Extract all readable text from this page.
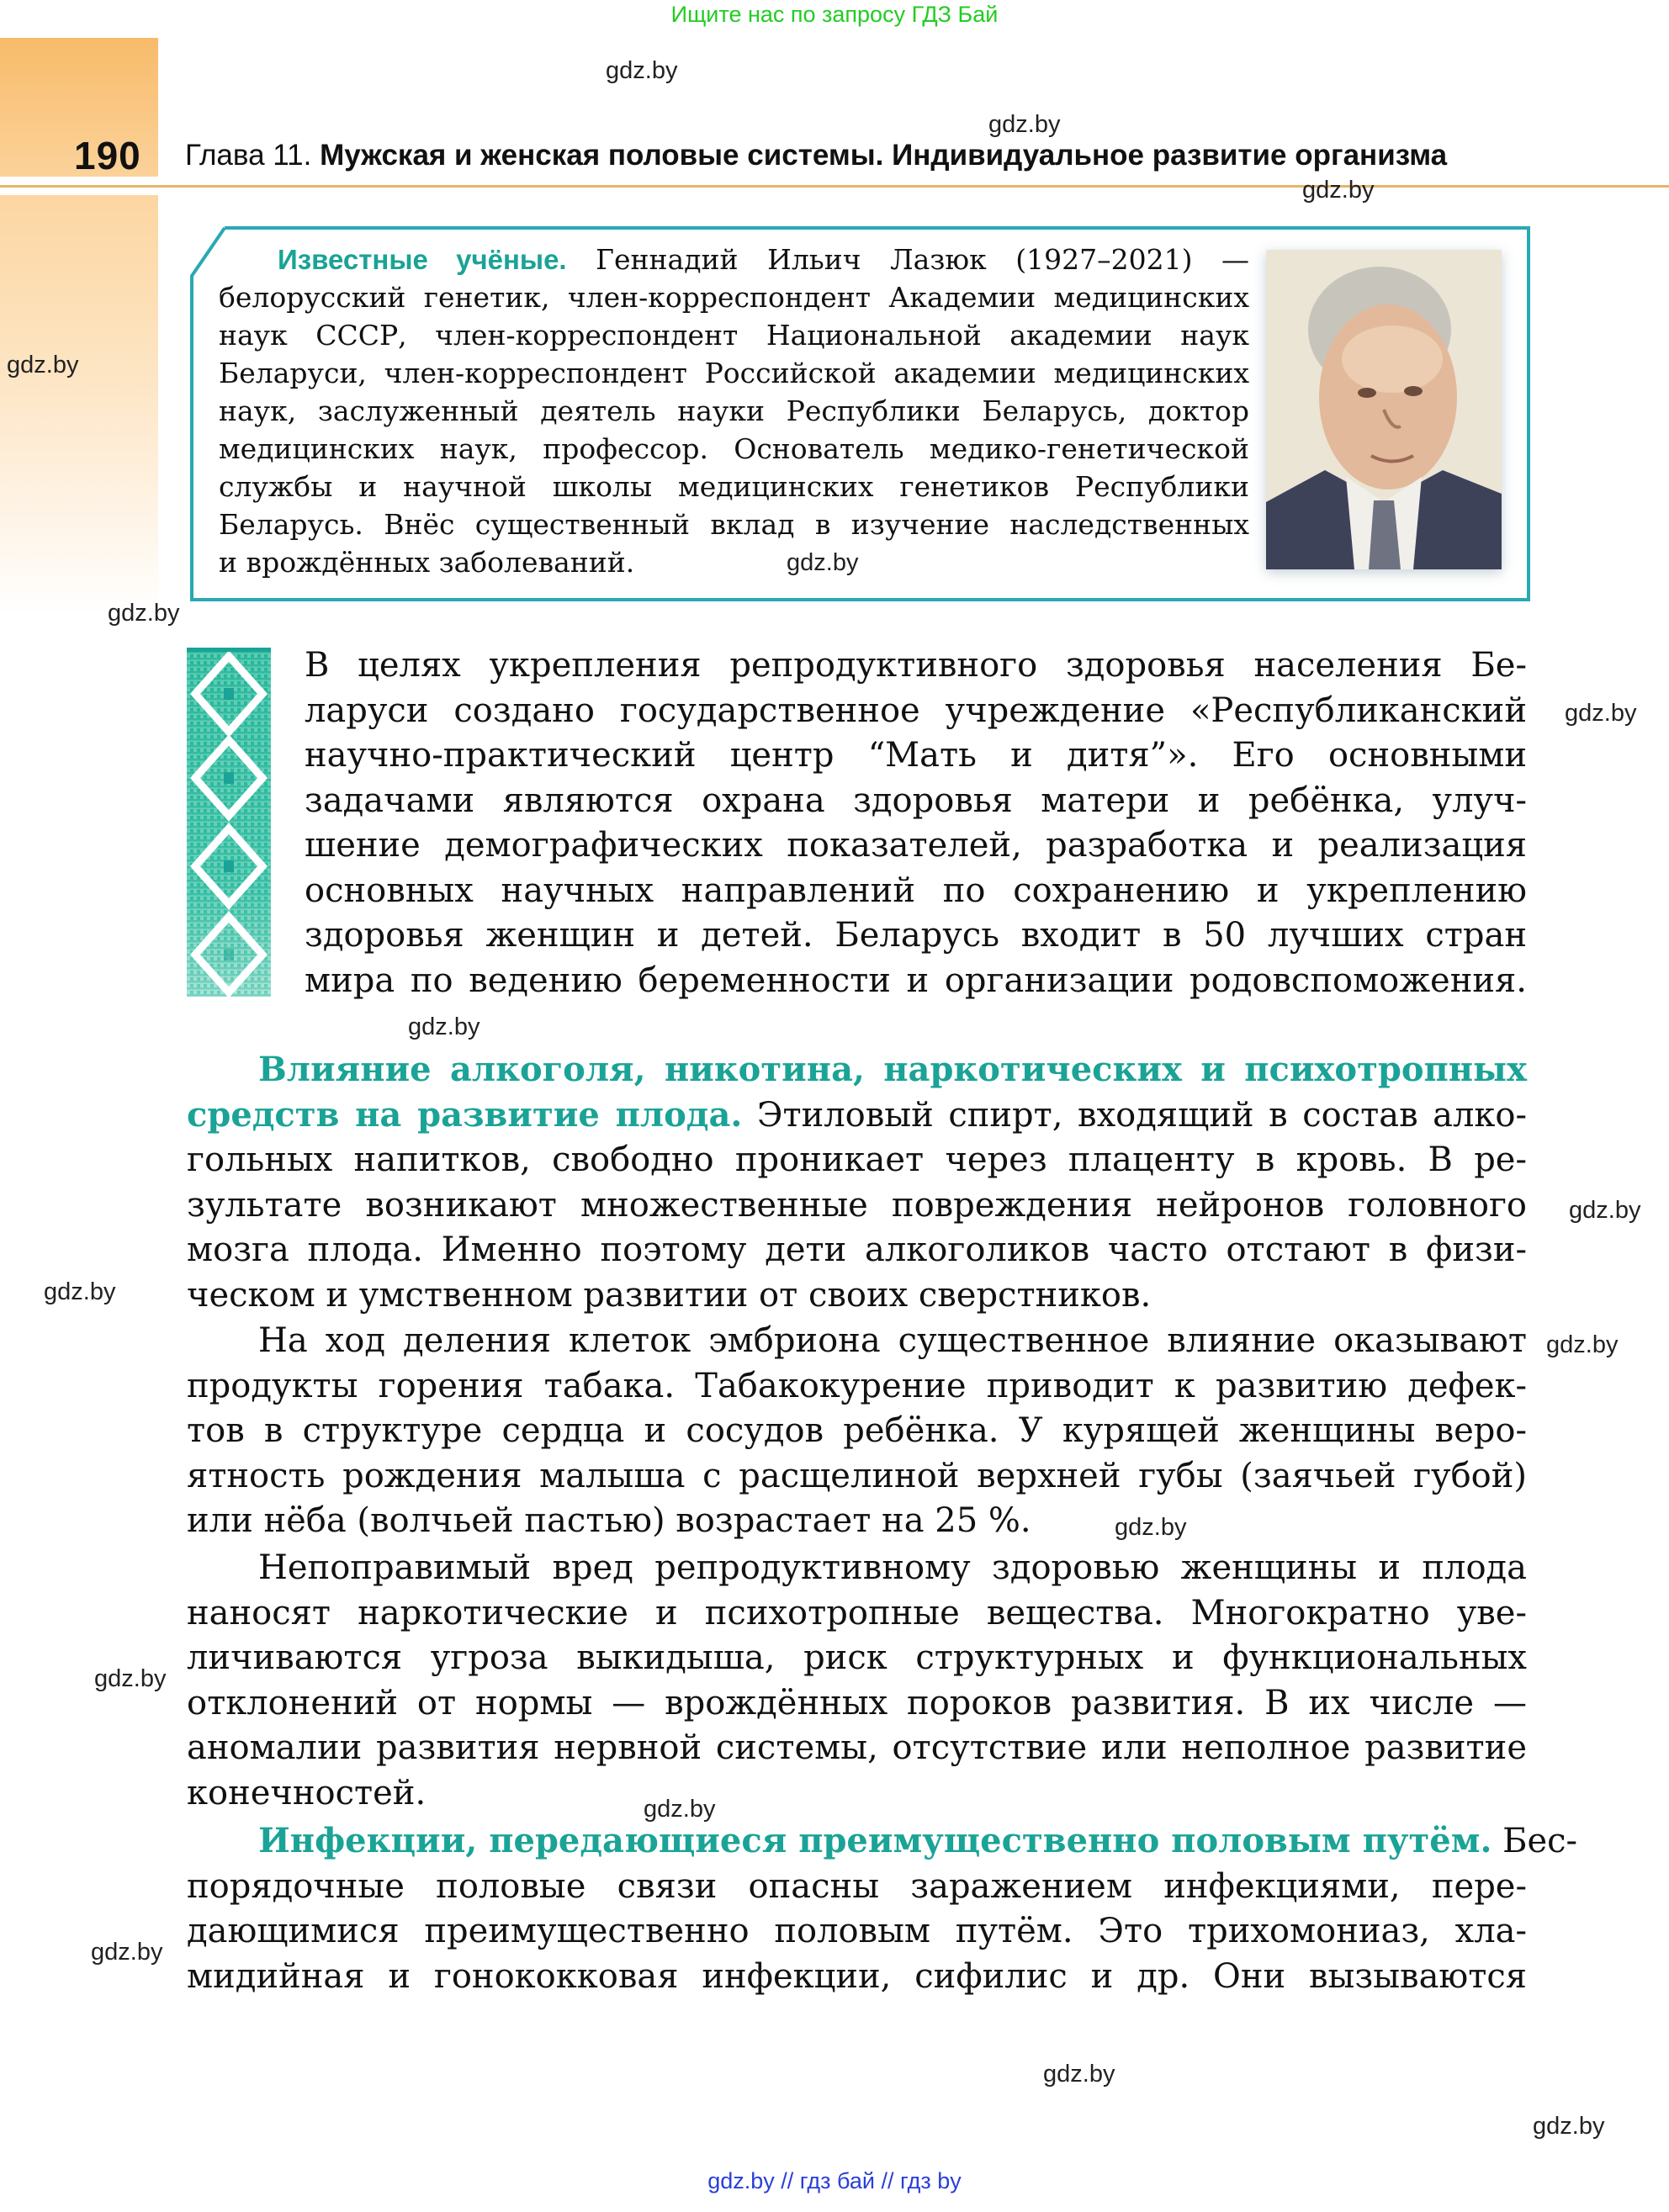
Ищите нас по запросу ГДЗ Бай
190 Глава 11. Мужская и женская половые системы. Индивидуальное развитие организма
Известные учёные. Геннадий Ильич Лазюк (1927–2021) —
белорусский генетик, член-корреспондент Академии медицинских
наук СССР, член-корреспондент Национальной академии наук
Беларуси, член-корреспондент Российской академии медицинских
наук, заслуженный деятель науки Республики Беларусь, доктор
медицинских наук, профессор. Основатель медико-генетической
службы и научной школы медицинских генетиков Республики
Беларусь. Внёс существенный вклад в изучение наследственных
и врождённых заболеваний.
В целях укрепления репродуктивного здоровья населения Бе-
ларуси создано государственное учреждение «Республиканский
научно-практический центр “Мать и дитя”». Его основными
задачами являются охрана здоровья матери и ребёнка, улуч-
шение демографических показателей, разработка и реализация
основных научных направлений по сохранению и укреплению
здоровья женщин и детей. Беларусь входит в 50 лучших стран
мира по ведению беременности и организации родовспоможения.
Влияние алкоголя, никотина, наркотических и психотропных
средств на развитие плода. Этиловый спирт, входящий в состав алко-
гольных напитков, свободно проникает через плаценту в кровь. В ре-
зультате возникают множественные повреждения нейронов головного
мозга плода. Именно поэтому дети алкоголиков часто отстают в физи-
ческом и умственном развитии от своих сверстников.
На ход деления клеток эмбриона существенное влияние оказывают
продукты горения табака. Табакокурение приводит к развитию дефек-
тов в структуре сердца и сосудов ребёнка. У курящей женщины веро-
ятность рождения малыша с расщелиной верхней губы (заячьей губой)
или нёба (волчьей пастью) возрастает на 25 %.
Непоправимый вред репродуктивному здоровью женщины и плода
наносят наркотические и психотропные вещества. Многократно уве-
личиваются угроза выкидыша, риск структурных и функциональных
отклонений от нормы — врождённых пороков развития. В их числе —
аномалии развития нервной системы, отсутствие или неполное развитие
конечностей.
Инфекции, передающиеся преимущественно половым путём. Бес-
порядочные половые связи опасны заражением инфекциями, пере-
дающимися преимущественно половым путём. Это трихомониаз, хла-
мидийная и гонококковая инфекции, сифилис и др. Они вызываются
gdz.by
gdz.by
gdz.by
gdz.by
gdz.by
gdz.by
gdz.by
gdz.by
gdz.by
gdz.by
gdz.by
gdz.by
gdz.by
gdz.by
gdz.by
gdz.by
gdz.by
gdz.by // гдз бай // гдз by
